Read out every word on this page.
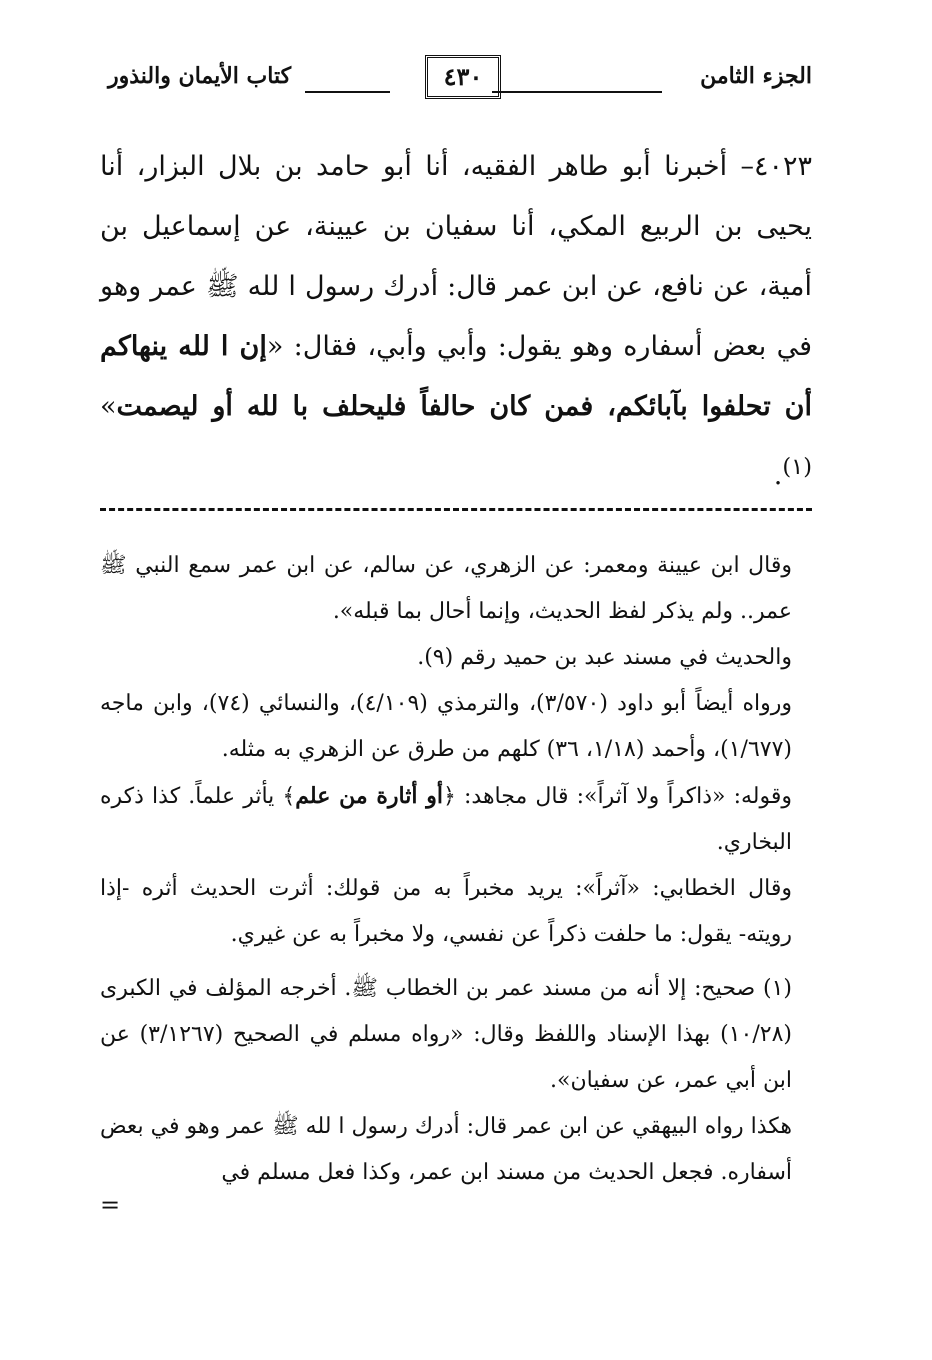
الجزء الثامن
٤٣٠
كتاب الأيمان والنذور

٤٠٢٣– أخبرنا أبو طاهر الفقيه، أنا أبو حامد بن بلال البزار، أنا يحيى بن الربيع المكي، أنا سفيان بن عيينة، عن إسماعيل بن أمية، عن نافع، عن ابن عمر قال: أدرك رسول ا لله ﷺ عمر وهو في بعض أسفاره وهو يقول: وأبي وأبي، فقال: «إن ا لله ينهاكم أن تحلفوا بآبائكم، فمن كان حالفاً فليحلف با لله أو ليصمت» $^{(١)}$.

وقال ابن عيينة ومعمر: عن الزهري، عن سالم، عن ابن عمر سمع النبي ﷺ عمر.. ولم يذكر لفظ الحديث، وإنما أحال بما قبله».

والحديث في مسند عبد بن حميد رقم (٩).

ورواه أيضاً أبو داود (٣/٥٧٠)، والترمذي (٤/١٠٩)، والنسائي (٧٤)، وابن ماجه (١/٦٧٧)، وأحمد (١/١٨، ٣٦) كلهم من طرق عن الزهري به مثله.

وقوله: «ذاكراً ولا آثراً»: قال مجاهد: ﴿أو أثارة من علم﴾ يأثر علماً. كذا ذكره البخاري.

وقال الخطابي: «آثراً»: يريد مخبراً به من قولك: أثرت الحديث أثره -إذا رويته- يقول: ما حلفت ذكراً عن نفسي، ولا مخبراً به عن غيري.

(١) صحيح: إلا أنه من مسند عمر بن الخطاب ﷺ. أخرجه المؤلف في الكبرى (١٠/٢٨) بهذا الإسناد واللفظ وقال: «رواه مسلم في الصحيح (٣/١٢٦٧) عن ابن أبي عمر، عن سفيان».

هكذا رواه البيهقي عن ابن عمر قال: أدرك رسول ا لله ﷺ عمر وهو في بعض أسفاره. فجعل الحديث من مسند ابن عمر، وكذا فعل مسلم في

=
